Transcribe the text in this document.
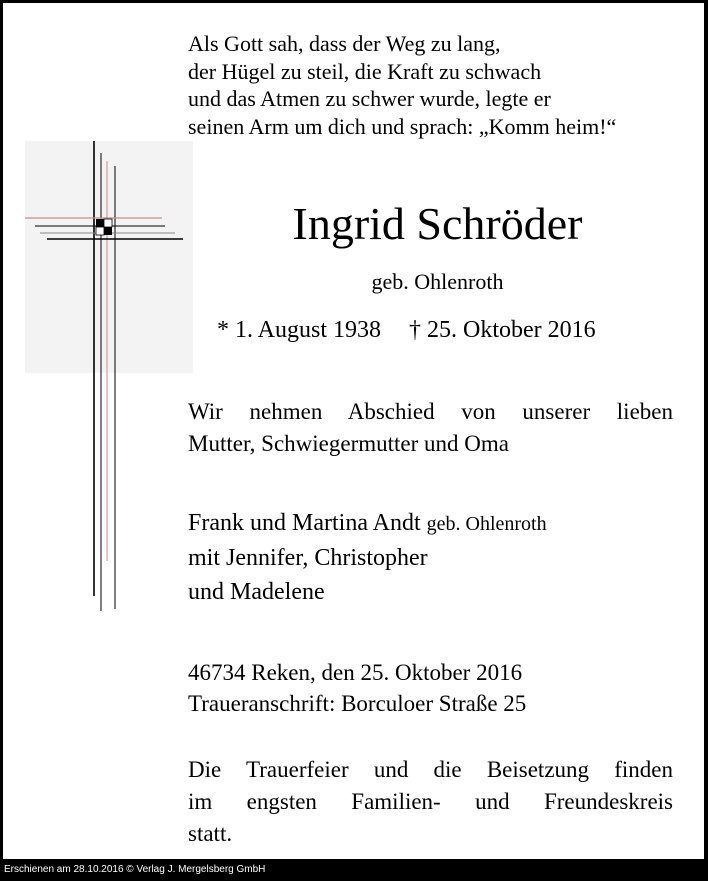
Als Gott sah, dass der Weg zu lang,
der Hügel zu steil, die Kraft zu schwach
und das Atmen zu schwer wurde, legte er
seinen Arm um dich und sprach: „Komm heim!“
Ingrid Schröder
geb. Ohlenroth
* 1. August 1938 † 25. Oktober 2016
Wir nehmen Abschied von unserer lieben
Mutter, Schwiegermutter und Oma
Frank und Martina Andt geb. Ohlenroth
mit Jennifer, Christopher
und Madelene
46734 Reken, den 25. Oktober 2016
Traueranschrift: Borculoer Straße 25
Die Trauerfeier und die Beisetzung finden
im engsten Familien- und Freundeskreis
statt.
Erschienen am 28.10.2016 © Verlag J. Mergelsberg GmbH
